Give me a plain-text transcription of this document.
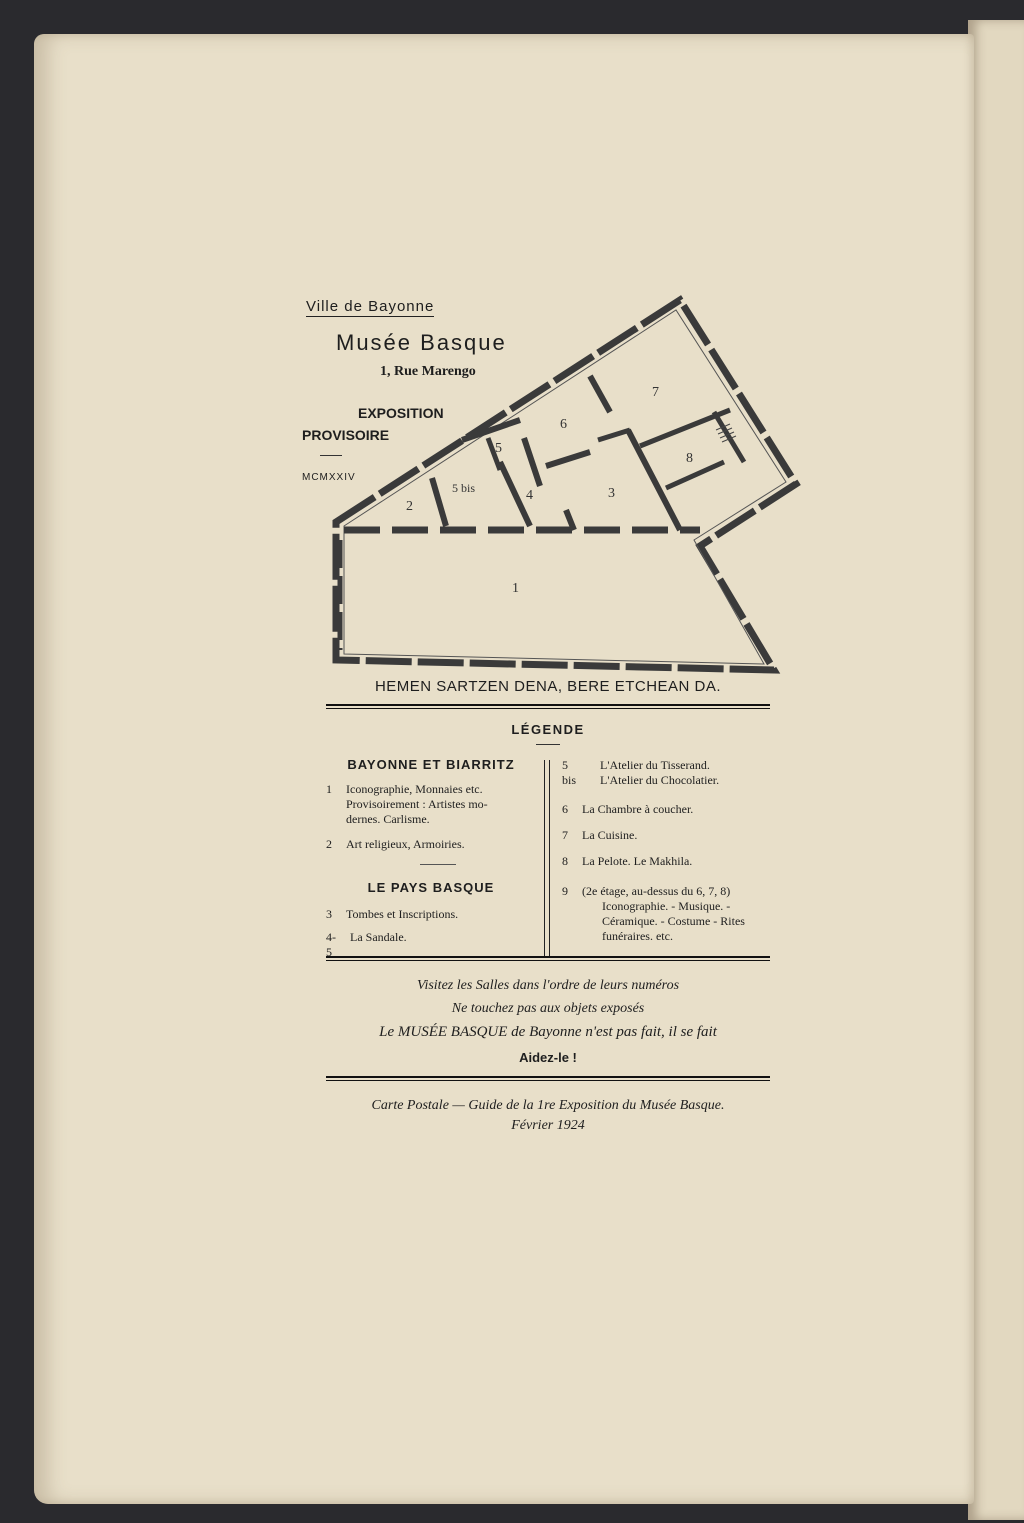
Ville de Bayonne
Musée Basque
1, Rue Marengo
EXPOSITION
PROVISOIRE
MCMXXIV
1
2
3
4
5
5 bis
6
7
8
HEMEN SARTZEN DENA, BERE ETCHEAN DA.
LÉGENDE
BAYONNE ET BIARRITZ
1 Iconographie, Monnaies etc.
Provisoirement : Artistes mo-
dernes. Carlisme.
2 Art religieux, Armoiries.
LE PAYS BASQUE
3 Tombes et Inscriptions.
4-5
La Sandale.
5 bis
L'Atelier du Tisserand.
L'Atelier du Chocolatier.
6 La Chambre à coucher.
7 La Cuisine.
8 La Pelote. Le Makhila.
9 (2e étage, au-dessus du 6, 7, 8)
Iconographie. - Musique. -
Céramique. - Costume - Rites
funéraires. etc.
Visitez les Salles dans l'ordre de leurs numéros
Ne touchez pas aux objets exposés
Le MUSÉE BASQUE de Bayonne n'est pas fait, il se fait
Aidez-le !
Carte Postale — Guide de la 1re Exposition du Musée Basque.
Février 1924
